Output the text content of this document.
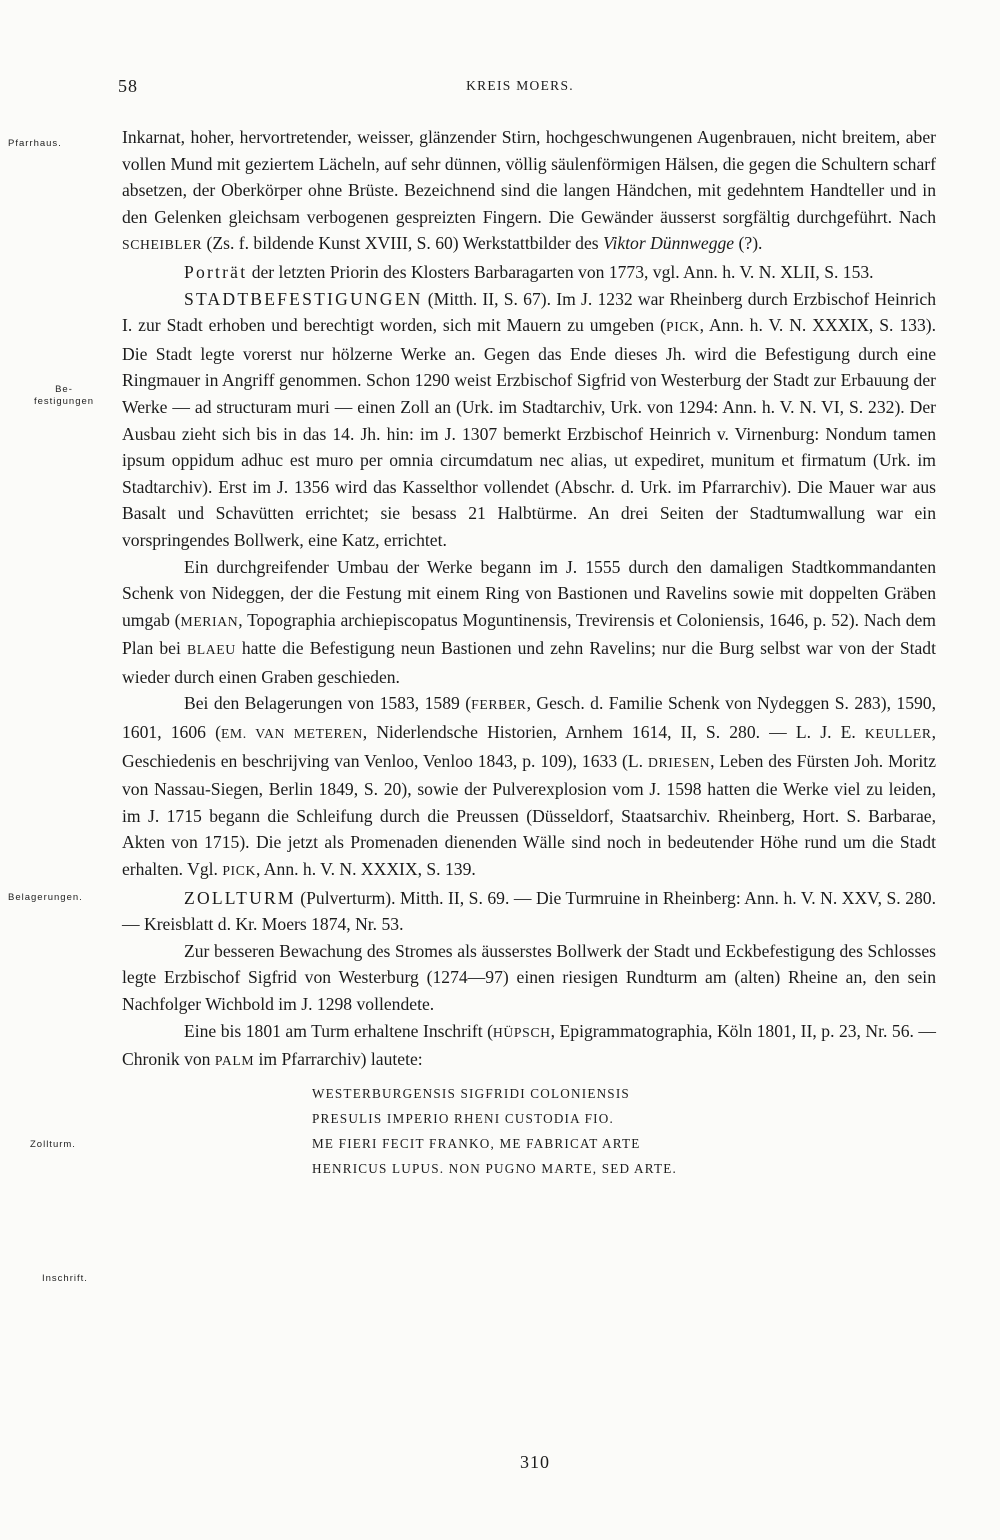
58	KREIS MOERS.
Pfarrhaus.
Be-
festigungen
Belagerungen.
Zollturm.
Inschrift.

Inkarnat, hoher, hervortretender, weisser, glänzender Stirn, hochgeschwungenen Augenbrauen, nicht breitem, aber vollen Mund mit geziertem Lächeln, auf sehr dünnen, völlig säulenförmigen Hälsen, die gegen die Schultern scharf absetzen, der Oberkörper ohne Brüste. Bezeichnend sind die langen Händchen, mit gedehntem Handteller und in den Gelenken gleichsam verbogenen gespreizten Fingern. Die Gewänder äusserst sorgfältig durchgeführt. Nach SCHEIBLER (Zs. f. bildende Kunst XVIII, S. 60) Werkstattbilder des Viktor Dünnwegge (?).

Porträt der letzten Priorin des Klosters Barbaragarten von 1773, vgl. Ann. h. V. N. XLII, S. 153.

STADTBEFESTIGUNGEN (Mitth. II, S. 67). Im J. 1232 war Rheinberg durch Erzbischof Heinrich I. zur Stadt erhoben und berechtigt worden, sich mit Mauern zu umgeben (PICK, Ann. h. V. N. XXXIX, S. 133). Die Stadt legte vorerst nur hölzerne Werke an. Gegen das Ende dieses Jh. wird die Befestigung durch eine Ringmauer in Angriff genommen. Schon 1290 weist Erzbischof Sigfrid von Westerburg der Stadt zur Erbauung der Werke — ad structuram muri — einen Zoll an (Urk. im Stadtarchiv, Urk. von 1294: Ann. h. V. N. VI, S. 232). Der Ausbau zieht sich bis in das 14. Jh. hin: im J. 1307 bemerkt Erzbischof Heinrich v. Virnenburg: Nondum tamen ipsum oppidum adhuc est muro per omnia circumdatum nec alias, ut expediret, munitum et firmatum (Urk. im Stadtarchiv). Erst im J. 1356 wird das Kasselthor vollendet (Abschr. d. Urk. im Pfarrarchiv). Die Mauer war aus Basalt und Schavütten errichtet; sie besass 21 Halbtürme. An drei Seiten der Stadtumwallung war ein vorspringendes Bollwerk, eine Katz, errichtet.

Ein durchgreifender Umbau der Werke begann im J. 1555 durch den damaligen Stadtkommandanten Schenk von Nideggen, der die Festung mit einem Ring von Bastionen und Ravelins sowie mit doppelten Gräben umgab (MERIAN, Topographia archiepiscopatus Moguntinensis, Trevirensis et Coloniensis, 1646, p. 52). Nach dem Plan bei BLAEU hatte die Befestigung neun Bastionen und zehn Ravelins; nur die Burg selbst war von der Stadt wieder durch einen Graben geschieden.

Bei den Belagerungen von 1583, 1589 (FERBER, Gesch. d. Familie Schenk von Nydeggen S. 283), 1590, 1601, 1606 (EM. VAN METEREN, Niderlendsche Historien, Arnhem 1614, II, S. 280. — L. J. E. KEULLER, Geschiedenis en beschrijving van Venloo, Venloo 1843, p. 109), 1633 (L. DRIESEN, Leben des Fürsten Joh. Moritz von Nassau-Siegen, Berlin 1849, S. 20), sowie der Pulverexplosion vom J. 1598 hatten die Werke viel zu leiden, im J. 1715 begann die Schleifung durch die Preussen (Düsseldorf, Staatsarchiv. Rheinberg, Hort. S. Barbarae, Akten von 1715). Die jetzt als Promenaden dienenden Wälle sind noch in bedeutender Höhe rund um die Stadt erhalten. Vgl. PICK, Ann. h. V. N. XXXIX, S. 139.

ZOLLTURM (Pulverturm). Mitth. II, S. 69. — Die Turmruine in Rheinberg: Ann. h. V. N. XXV, S. 280. — Kreisblatt d. Kr. Moers 1874, Nr. 53.

Zur besseren Bewachung des Stromes als äusserstes Bollwerk der Stadt und Eckbefestigung des Schlosses legte Erzbischof Sigfrid von Westerburg (1274—97) einen riesigen Rundturm am (alten) Rheine an, den sein Nachfolger Wichbold im J. 1298 vollendete.

Eine bis 1801 am Turm erhaltene Inschrift (HÜPSCH, Epigrammatographia, Köln 1801, II, p. 23, Nr. 56. — Chronik von PALM im Pfarrarchiv) lautete:

WESTERBURGENSIS SIGFRIDI COLONIENSIS
PRESULIS IMPERIO RHENI CUSTODIA FIO.
ME FIERI FECIT FRANKO, ME FABRICAT ARTE
HENRICUS LUPUS. NON PUGNO MARTE, SED ARTE.
310
